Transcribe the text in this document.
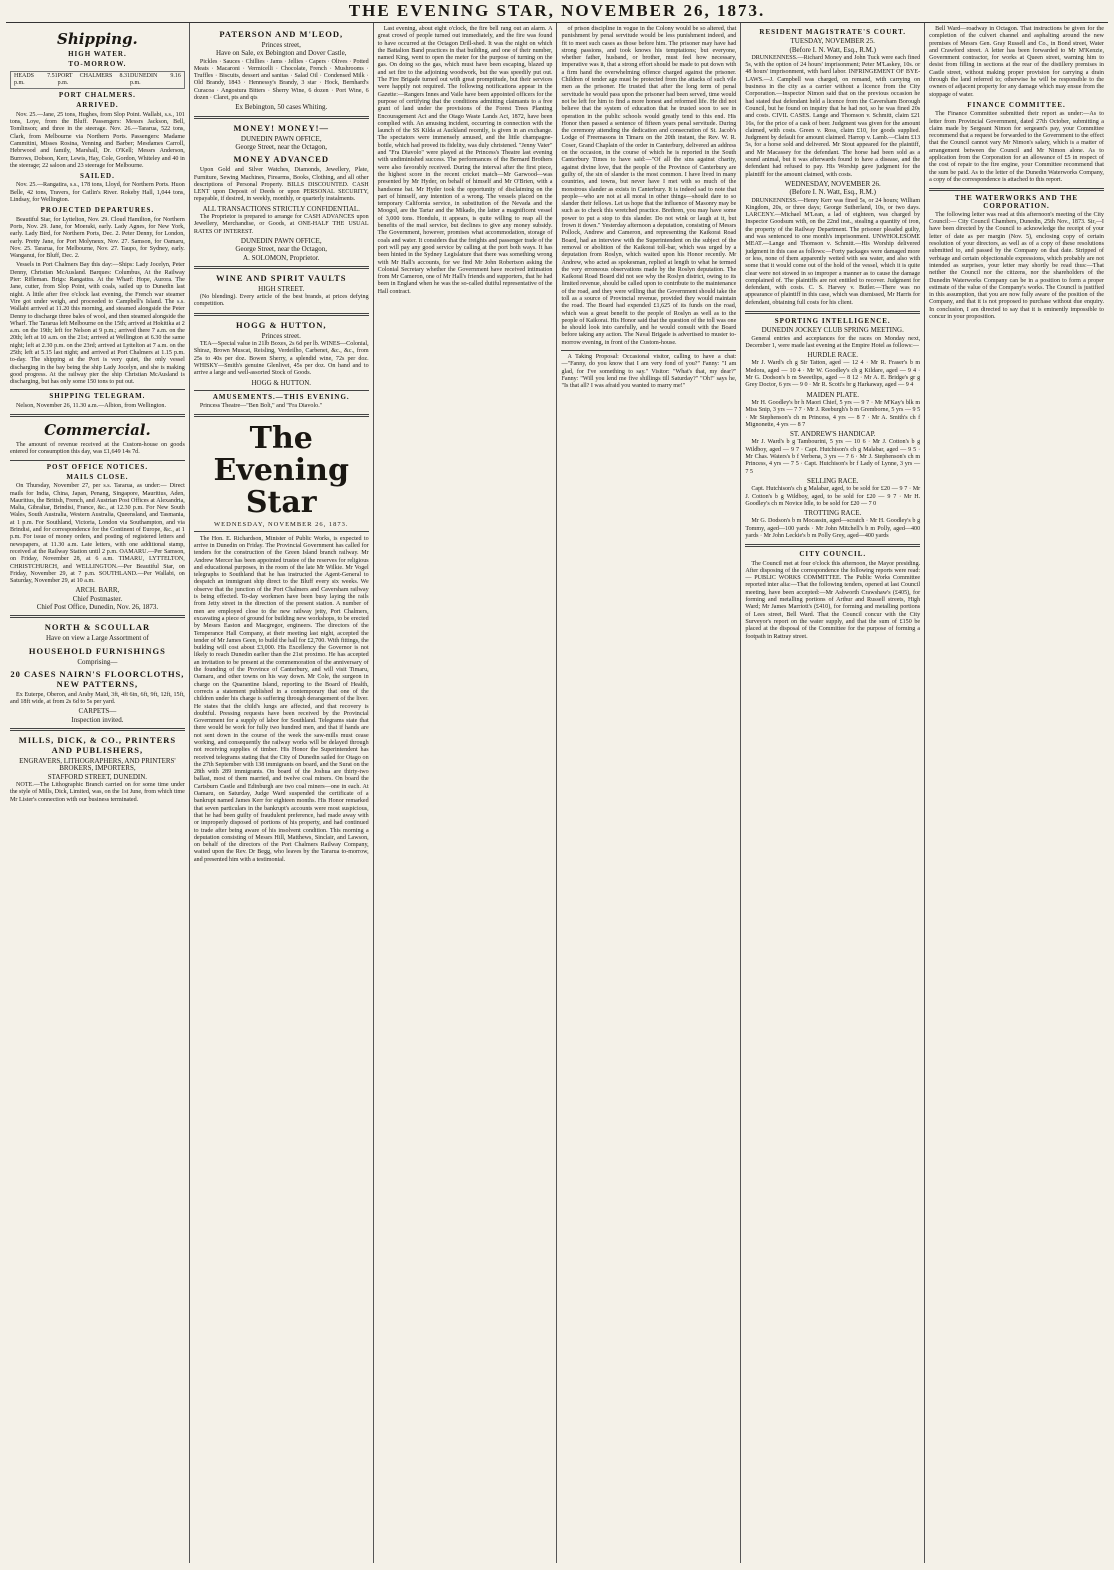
THE EVENING STAR, NOVEMBER 26, 1873.
Shipping.
HIGH WATER.
TO-MORROW.
HEADS 7.51 p.m.
PORT CHALMERS 8.31 p.m.
DUNEDIN 9.16 p.m.
PORT CHALMERS.
ARRIVED.

Nov. 25.—Jane, 25 tons, Hughes, from Slop Point. Wallabi, s.s., 101 tons, Loye, from the Bluff. Passengers: Messrs Jackson, Bell, Tomlinson; and three in the steerage. Nov. 26.—Tararua, 522 tons, Clark, from Melbourne via Northern Ports. Passengers: Madame Cammitini, Misses Rosina, Yenning and Barber; Mesdames Carroll, Hebrwood and family, Marshall, Dr. O'Kell; Messrs Anderson, Burrows, Dobson, Kerr, Lewis, Hay, Cole, Gordon, Whiteley and 40 in the steerage; 22 saloon and 23 steerage for Melbourne.

SAILED.

Nov. 25.—Rangatira, s.s., 178 tons, Lloyd, for Northern Ports. Huon Belle, 42 tons, Travers, for Catlin's River. Rokeby Hall, 1,044 tons, Lindsay, for Wellington.

PROJECTED DEPARTURES.

Beautiful Star, for Lyttelton, Nov. 29. Cloud Hamilton, for Northern Ports, Nov. 29. Jane, for Moeraki, early. Lady Agnes, for New York, early. Lady Bird, for Northern Ports, Dec. 2. Peter Denny, for London, early. Pretty Jane, for Port Molyneux, Nov. 27. Samson, for Oamaru, Nov. 25. Tararua, for Melbourne, Nov. 27. Taupo, for Sydney, early. Wanganui, for Bluff, Dec. 2.

Vessels in Port Chalmers Bay this day:—Ships: Lady Jocelyn, Peter Denny, Christian McAusland. Barques: Columbus, At the Railway Pier: Rifleman. Brigs: Rangatira. At the Wharf: Hope, Aurora. The Jane, cutter, from Slop Point, with coals, sailed up to Dunedin last night. A little after five o'clock last evening, the French war steamer Vire got under weigh, and proceeded to Campbell's Island. The s.s. Wallabi arrived at 11.20 this morning, and steamed alongside the Peter Denny to discharge three bales of wool, and then steamed alongside the Wharf. The Tararua left Melbourne on the 15th; arrived at Hokitika at 2 a.m. on the 19th; left for Nelson at 9 p.m.; arrived there 7 a.m. on the 20th; left at 10 a.m. on the 21st; arrived at Wellington at 6.30 the same night; left at 2.30 p.m. on the 23rd; arrived at Lyttelton at 7 a.m. on the 25th; left at 5.15 last night; and arrived at Port Chalmers at 1.15 p.m. to-day. The shipping at the Port is very quiet, the only vessel discharging in the bay being the ship Lady Jocelyn, and she is making good progress. At the railway pier the ship Christian McAusland is discharging, but has only some 150 tons to put out.

SHIPPING TELEGRAM.

Nelson, November 26, 11.30 a.m.—Albion, from Wellington.

Commercial.

The amount of revenue received at the Custom-house on goods entered for consumption this day, was £1,649 14s 7d.

POST OFFICE NOTICES.
MAILS CLOSE.

On Thursday, November 27, per s.s. Tararua, as under:— Direct mails for India, China, Japan, Penang, Singapore, Mauritius, Aden, Mauritius, the British, French, and Austrian Post Offices at Alexandria, Malta, Gibraltar, Brindisi, France, &c., at 12.30 p.m. For New South Wales, South Australia, Western Australia, Queensland, and Tasmania, at 1 p.m. For Southland, Victoria, London via Southampton, and via Brindisi, and for correspondence for the Continent of Europe, &c., at 1 p.m. For issue of money orders, and posting of registered letters and newspapers, at 11.30 a.m. Late letters, with one additional stamp, received at the Railway Station until 2 p.m. OAMARU.—Per Samson, on Friday, November 28, at 6 a.m. TIMARU, LYTTELTON, CHRISTCHURCH, and WELLINGTON.—Per Beautiful Star, on Friday, November 29, at 7 p.m. SOUTHLAND.—Per Wallabi, on Saturday, November 29, at 10 a.m.

ARCH. BARR,
Chief Postmaster.
Chief Post Office, Dunedin, Nov. 26, 1873.
NORTH & SCOULLAR
Have on view a Large Assortment of
HOUSEHOLD FURNISHINGS
Comprising—
20 CASES NAIRN'S FLOORCLOTHS, NEW PATTERNS,

Ex Euterpe, Oberon, and Araby Maid, 3ft, 4ft 6in, 6ft, 9ft, 12ft, 15ft, and 18ft wide, at from 2s 6d to 5s per yard.

CARPETS—
Inspection invited.
MILLS, DICK, & CO., PRINTERS AND PUBLISHERS,
ENGRAVERS, LITHOGRAPHERS, AND PRINTERS' BROKERS, IMPORTERS,
STAFFORD STREET, DUNEDIN.

NOTE.—The Lithographic Branch carried on for some time under the style of Mills, Dick, Limited, was, on the 1st June, from which time Mr Lister's connection with our business terminated.

PATERSON AND M'LEOD,
Princes street,
Have on Sale, ex Bebington and Dover Castle,

Pickles · Sauces · Chillies · Jams · Jellies · Capers · Olives · Potted Meats · Macaroni · Vermicelli · Chocolate, French · Mushrooms · Truffles · Biscuits, dessert and sanitas · Salad Oil · Condensed Milk · Old Brandy, 1843 · Hennessy's Brandy, 3 star · Hock, Bernhard's Curacoa · Angostura Bitters · Sherry Wine, 6 dozen · Port Wine, 6 dozen · Claret, pts and qts

Ex Bebington, 50 cases Whiting.
MONEY! MONEY!—
DUNEDIN PAWN OFFICE,
George Street, near the Octagon,
MONEY ADVANCED

Upon Gold and Silver Watches, Diamonds, Jewellery, Plate, Furniture, Sewing Machines, Firearms, Books, Clothing, and all other descriptions of Personal Property. BILLS DISCOUNTED. CASH LENT upon Deposit of Deeds or upon PERSONAL SECURITY, repayable, if desired, in weekly, monthly, or quarterly instalments.

ALL TRANSACTIONS STRICTLY CONFIDENTIAL.

The Proprietor is prepared to arrange for CASH ADVANCES upon Jewellery, Merchandise, or Goods, at ONE-HALF THE USUAL RATES OF INTEREST.

DUNEDIN PAWN OFFICE,
George Street, near the Octagon,
A. SOLOMON, Proprietor.
WINE AND SPIRIT VAULTS
HIGH STREET.

(No blending). Every article of the best brands, at prices defying competition.

HOGG & HUTTON,
Princes street.

TEA—Special value in 21lb Boxes, 2s 6d per lb. WINES—Colonial, Shiraz, Brown Muscat, Reisling, Verdeilho, Carbenet, &c., &c., from 25s to 40s per doz. Bowen Sherry, a splendid wine, 72s per doz. WHISKY—Smith's genuine Glenlivet, 45s per doz. On hand and to arrive a large and well-assorted Stock of Goods.

HOGG & HUTTON.
AMUSEMENTS.—THIS EVENING.

Princess Theatre—"Ben Bolt," and "Fra Diavolo."

The Evening Star
WEDNESDAY, NOVEMBER 26, 1873.

The Hon. E. Richardson, Minister of Public Works, is expected to arrive in Dunedin on Friday. The Provincial Government has called for tenders for the construction of the Green Island branch railway. Mr Andrew Mercer has been appointed trustee of the reserves for religious and educational purposes, in the room of the late Mr Wilkie. Mr Vogel telegraphs to Southland that he has instructed the Agent-General to despatch an immigrant ship direct to the Bluff every six weeks. We observe that the junction of the Port Chalmers and Caversham railway is being effected. To-day workmen have been busy laying the rails from Jetty street in the direction of the present station. A number of men are employed close to the new railway jetty, Port Chalmers, excavating a piece of ground for building new workshops, to be erected by Messrs Easton and Macgregor, engineers. The directors of the Temperance Hall Company, at their meeting last night, accepted the tender of Mr James Geen, to build the hall for £2,700. With fittings, the building will cost about £3,000. His Excellency the Governor is not likely to reach Dunedin earlier than the 21st proximo. He has accepted an invitation to be present at the commemoration of the anniversary of the founding of the Province of Canterbury, and will visit Timaru, Oamaru, and other towns on his way down. Mr Cole, the surgeon in charge on the Quarantine Island, reporting to the Board of Health, corrects a statement published in a contemporary that one of the children under his charge is suffering through derangement of the liver. He states that the child's lungs are affected, and that recovery is doubtful. Pressing requests have been received by the Provincial Government for a supply of labor for Southland. Telegrams state that there would be work for fully two hundred men, and that if hands are not sent down in the course of the week the saw-mills must cease working, and consequently the railway works will be delayed through not receiving supplies of timber. His Honor the Superintendent has received telegrams stating that the City of Dunedin sailed for Otago on the 27th September with 138 immigrants on board, and the Surat on the 28th with 289 immigrants. On board of the Joshua are thirty-two ballast, most of them married, and twelve coal miners. On board the Cartsburn Castle and Edinburgh are two coal miners—one in each. At Oamaru, on Saturday, Judge Ward suspended the certificate of a bankrupt named James Kerr for eighteen months. His Honor remarked that seven particulars in the bankrupt's accounts were most suspicious, that he had been guilty of fraudulent preference, had made away with or improperly disposed of portions of his property, and had continued to trade after being aware of his insolvent condition. This morning a deputation consisting of Messrs Hill, Matthews, Sinclair, and Lawson, on behalf of the directors of the Port Chalmers Railway Company, waited upon the Rev. Dr Begg, who leaves by the Tararua to-morrow, and presented him with a testimonial.

Last evening, about eight o'clock, the fire bell rang out an alarm. A great crowd of people turned out immediately, and the fire was found to have occurred at the Octagon Drill-shed. It was the night on which the Battalion Band practices in that building, and one of their number, named King, went to open the meter for the purpose of turning on the gas. On doing so the gas, which must have been escaping, blazed up and set fire to the adjoining woodwork, but the was speedily put out. The Fire Brigade turned out with great promptitude, but their services were happily not required. The following notifications appear in the Gazette:—Rangers Innes and Vaile have been appointed officers for the purpose of certifying that the conditions admitting claimants to a free grant of land under the provisions of the Forest Trees Planting Encouragement Act and the Otago Waste Lands Act, 1872, have been complied with. An amusing incident, occurring in connection with the launch of the SS Kilda at Auckland recently, is given in an exchange. The spectators were immensely amused, and the little champagne-bottle, which had proved its fidelity, was duly christened. "Jenny Vater" and "Fra Diavolo" were played at the Princess's Theatre last evening with undiminished success. The performances of the Bernard Brothers were also favorably received. During the interval after the first piece, the highest score in the recent cricket match—Mr Garwood—was presented by Mr Hyder, on behalf of himself and Mr O'Brien, with a handsome bat. Mr Hyder took the opportunity of disclaiming on the part of himself, any intention of a wrong. The vessels placed on the temporary California service, in substitution of the Nevada and the Moogol, are the Tartar and the Mikado, the latter a magnificent vessel of 3,000 tons. Hondulu, it appears, is quite willing to reap all the benefits of the mail service, but declines to give any money subsidy. The Government, however, promises what accommodation, storage of coals and water. It considers that the freights and passenger trade of the port will pay any good service by calling at the port both ways. It has been hinted in the Sydney Legislature that there was something wrong with Mr Hall's accounts, for we find Mr John Robertson asking the Colonial Secretary whether the Government have received intimation from Mr Cameron, one of Mr Hall's friends and supporters, that he had been in England when he was the so-called dutiful representative of the Hall contract.

of prison discipline in vogue in the Colony would be so altered, that punishment by penal servitude would be less punishment indeed, and fit to meet such cases as those before him. The prisoner may have had strong passions, and took knows his temptations; but everyone, whether father, husband, or brother, must feel how necessary, imperative was it, that a strong effort should be made to put down with a firm hand the overwhelming offence charged against the prisoner. Children of tender age must be protected from the attacks of such vile men as the prisoner. He trusted that after the long term of penal servitude he would pass upon the prisoner had been served, time would not be left for him to find a more honest and reformed life. He did not believe that the system of education that he trusted soon to see in operation in the public schools would greatly tend to this end. His Honor then passed a sentence of fifteen years penal servitude. During the ceremony attending the dedication and consecration of St. Jacob's Lodge of Freemasons in Timaru on the 20th instant, the Rev. W. R. Coser, Grand Chaplain of the order in Canterbury, delivered an address on the occasion, in the course of which he is reported in the South Canterbury Times to have said:—"Of all the sins against charity, against divine love, that the people of the Province of Canterbury are guilty of, the sin of slander is the most common. I have lived in many countries, and towns, but never have I met with so much of the monstrous slander as exists in Canterbury. It is indeed sad to note that people—who are not at all moral in other things—should dare to so slander their fellows. Let us hope that the influence of Masonry may be such as to check this wretched practice. Brethren, you may have some power to put a stop to this slander. Do not wink or laugh at it, but frown it down." Yesterday afternoon a deputation, consisting of Messrs Pollock, Andrew and Cameron, and representing the Kaikorai Road Board, had an interview with the Superintendent on the subject of the removal or abolition of the Kaikorai toll-bar, which was urged by a deputation from Roslyn, which waited upon his Honor recently. Mr Andrew, who acted as spokesman, replied at length to what he termed the very erroneous observations made by the Roslyn deputation. The Kaikorai Road Board did not see why the Roslyn district, owing to its limited revenue, should be called upon to contribute to the maintenance of the road, and they were willing that the Government should take the toll as a source of Provincial revenue, provided they would maintain the road. The Board had expended £1,625 of its funds on the road, which was a great benefit to the people of Roslyn as well as to the people of Kaikorai. His Honor said that the question of the toll was one he should look into carefully, and he would consult with the Board before taking any action. The Naval Brigade is advertised to muster to-morrow evening, in front of the Custom-house.

A Taking Proposal: Occasional visitor, calling to have a chat:—"Fanny, do you know that I am very fond of you?" Fanny: "I am glad, for I've something to say." Visitor: "What's that, my dear?" Fanny: "Will you lend me five shillings till Saturday?" "Oh!" says he, "Is that all? I was afraid you wanted to marry me!"

RESIDENT MAGISTRATE'S COURT.
TUESDAY, NOVEMBER 25.
(Before I. N. Watt, Esq., R.M.)

DRUNKENNESS.—Richard Money and John Tuck were each fined 5s, with the option of 24 hours' imprisonment; Peter M'Laskey, 10s. or 48 hours' imprisonment, with hard labor. INFRINGEMENT OF BYE-LAWS.—J. Campbell was charged, on remand, with carrying on business in the city as a carrier without a licence from the City Corporation.—Inspector Nimon said that on the previous occasion he had stated that defendant held a licence from the Caversham Borough Council, but he found on inquiry that he had not, so he was fined 20s and costs. CIVIL CASES. Lange and Thomson v. Schmitt, claim £21 16s, for the price of a cask of beer. Judgment was given for the amount claimed, with costs. Green v. Ross, claim £10, for goods supplied. Judgment by default for amount claimed. Harrop v. Lamb.—Claim £13 5s, for a horse sold and delivered. Mr Stout appeared for the plaintiff, and Mr Macassey for the defendant. The horse had been sold as a sound animal, but it was afterwards found to have a disease, and the defendant had refused to pay. His Worship gave judgment for the plaintiff for the amount claimed, with costs.

WEDNESDAY, NOVEMBER 26.
(Before I. N. Watt, Esq., R.M.)

DRUNKENNESS.—Henry Kerr was fined 5s, or 24 hours; William Kingdom, 20s, or three days; George Sutherland, 10s, or two days. LARCENY.—Michael M'Lean, a lad of eighteen, was charged by Inspector Goodsum with, on the 22nd inst., stealing a quantity of iron, the property of the Railway Department. The prisoner pleaded guilty, and was sentenced to one month's imprisonment. UNWHOLESOME MEAT.—Lange and Thomson v. Schmitt.—His Worship delivered judgment in this case as follows:—Forty packages were damaged more or less, none of them apparently wetted with sea water, and also with some that it would come out of the hold of the vessel, which it is quite clear were not stowed in so improper a manner as to cause the damage complained of. The plaintiffs are not entitled to recover. Judgment for defendant, with costs. C. S. Harvey v. Butler.—There was no appearance of plaintiff in this case, which was dismissed, Mr Harris for defendant, obtaining full costs for his client.

SPORTING INTELLIGENCE.
DUNEDIN JOCKEY CLUB SPRING MEETING.

General entries and acceptances for the races on Monday next, December 1, were made last evening at the Empire Hotel as follows:—

HURDLE RACE.

Mr J. Ward's ch g Sir Tatton, aged — 12 4 · Mr R. Fraser's b m Medora, aged — 10 4 · Mr W. Goodley's ch g Kildare, aged — 9 4 · Mr G. Dodson's b m Sweetlips, aged — 8 12 · Mr A. E. Bridge's gr g Grey Doctor, 6 yrs — 9 0 · Mr R. Scott's br g Harkaway, aged — 9 4

MAIDEN PLATE.

Mr H. Goodley's br h Maori Chief, 5 yrs — 9 7 · Mr M'Kay's blk m Miss Snip, 3 yrs — 7 7 · Mr J. Reeburgh's b m Gremborne, 5 yrs — 9 5 · Mr Stephenson's ch m Princess, 4 yrs — 8 7 · Mr A. Smith's ch f Mignonette, 4 yrs — 8 7

ST. ANDREW'S HANDICAP.

Mr J. Ward's b g Tambourini, 5 yrs — 10 6 · Mr J. Cotton's b g Wildboy, aged — 9 7 · Capt. Hutchison's ch g Malabar, aged — 9 5 · Mr Chas. Waters's b f Verbena, 3 yrs — 7 6 · Mr J. Stephenson's ch m Princess, 4 yrs — 7 5 · Capt. Hutchison's br f Lady of Lynne, 3 yrs — 7 5

SELLING RACE.

Capt. Hutchison's ch g Malabar, aged, to be sold for £20 — 9 7 · Mr J. Cotton's b g Wildboy, aged, to be sold for £20 — 9 7 · Mr H. Goodley's ch m Novice Idle, to be sold for £20 — 7 0

TROTTING RACE.

Mr G. Dodson's b m Mocassin, aged—scratch · Mr H. Goodley's b g Tommy, aged—100 yards · Mr John Mitchell's b m Polly, aged—400 yards · Mr John Leckie's b m Polly Grey, aged—400 yards

CITY COUNCIL.

The Council met at four o'clock this afternoon, the Mayor presiding. After disposing of the correspondence the following reports were read:— PUBLIC WORKS COMMITTEE. The Public Works Committee reported inter alia:—That the following tenders, opened at last Council meeting, have been accepted:—Mr Ashworth Crawshaw's (£405), for forming and metalling portions of Arthur and Russell streets, High Ward; Mr James Marriott's (£410), for forming and metalling portions of Lees street, Bell Ward. That the Council concur with the City Surveyor's report on the water supply, and that the sum of £150 be placed at the disposal of the Committee for the purpose of forming a footpath in Rattray street.

Bell Ward—roadway in Octagon. That instructions be given for the completion of the culvert channel and asphalting around the new premises of Messrs Gen. Gray Russell and Co., in Bond street, Water and Crawford street. A letter has been forwarded to Mr M'Kenzie, Government contractor, for works at Queen street, warning him to desist from filling in sections at the rear of the distillery premises in Castle street, without making proper provision for carrying a drain through the land referred to; otherwise he will be responsible to the owners of adjacent property for any damage which may ensue from the stoppage of water.

FINANCE COMMITTEE.

The Finance Committee submitted their report as under:—As to letter from Provincial Government, dated 27th October, submitting a claim made by Sergeant Nimon for sergeant's pay, your Committee recommend that a request be forwarded to the Government to the effect that the Council cannot vary Mr Nimon's salary, which is a matter of arrangement between the Council and Mr Nimon alone. As to application from the Corporation for an allowance of £5 in respect of the cost of repair to the fire engine, your Committee recommend that the sum be paid. As to the letter of the Dunedin Waterworks Company, a copy of the correspondence is attached to this report.

THE WATERWORKS AND THE CORPORATION.

The following letter was read at this afternoon's meeting of the City Council:— City Council Chambers, Dunedin, 25th Nov., 1873. Sir,—I have been directed by the Council to acknowledge the receipt of your letter of date as per margin (Nov. 5), enclosing copy of certain resolution of your directors, as well as of a copy of these resolutions submitted to, and passed by the Company on that date. Stripped of verbiage and certain objectionable expressions, which probably are not intended as surprises, your letter may shortly be read thus:—That neither the Council nor the citizens, nor the shareholders of the Dunedin Waterworks Company can be in a position to form a proper estimate of the value of the Company's works. The Council is justified in this assumption, that you are now fully aware of the position of the Company, and that it is not proposed to purchase without due enquiry. In conclusion, I am directed to say that it is eminently impossible to concur in your proposition.
